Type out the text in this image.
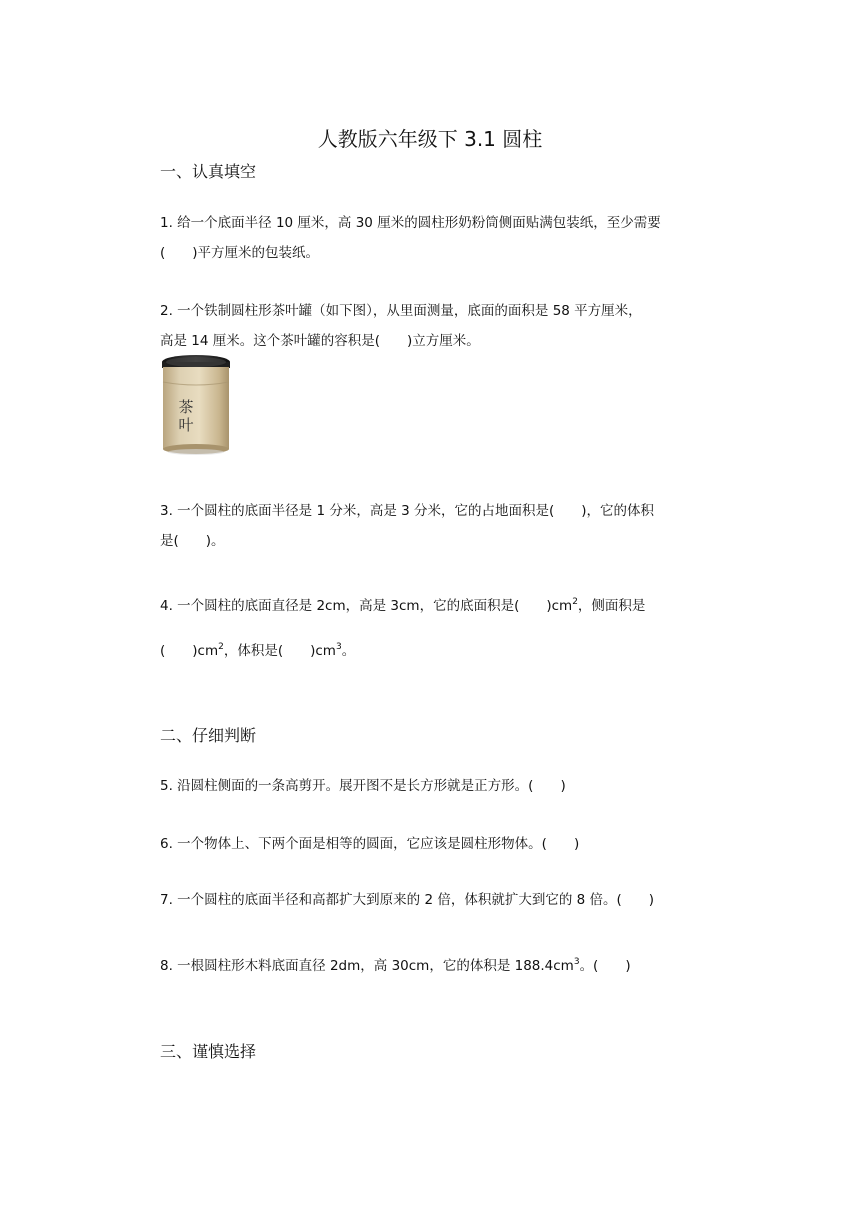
人教版六年级下 3.1 圆柱
一、认真填空
1. 给一个底面半径 10 厘米，高 30 厘米的圆柱形奶粉筒侧面贴满包装纸，至少需要
(　　)平方厘米的包装纸。
2. 一个铁制圆柱形茶叶罐（如下图），从里面测量，底面的面积是 58 平方厘米，
高是 14 厘米。这个茶叶罐的容积是(　　)立方厘米。
茶
叶
3. 一个圆柱的底面半径是 1 分米，高是 3 分米，它的占地面积是(　　)，它的体积
是(　　)。
4. 一个圆柱的底面直径是 2cm，高是 3cm，它的底面积是(　　)$cm^2$，侧面积是
(　　)$cm^2$，体积是(　　)$cm^3$。
二、仔细判断
5. 沿圆柱侧面的一条高剪开。展开图不是长方形就是正方形。(　　)
6. 一个物体上、下两个面是相等的圆面，它应该是圆柱形物体。(　　)
7. 一个圆柱的底面半径和高都扩大到原来的 2 倍，体积就扩大到它的 8 倍。(　　)
8. 一根圆柱形木料底面直径 2dm，高 30cm，它的体积是 $188.4cm^3$。(　　)
三、谨慎选择
